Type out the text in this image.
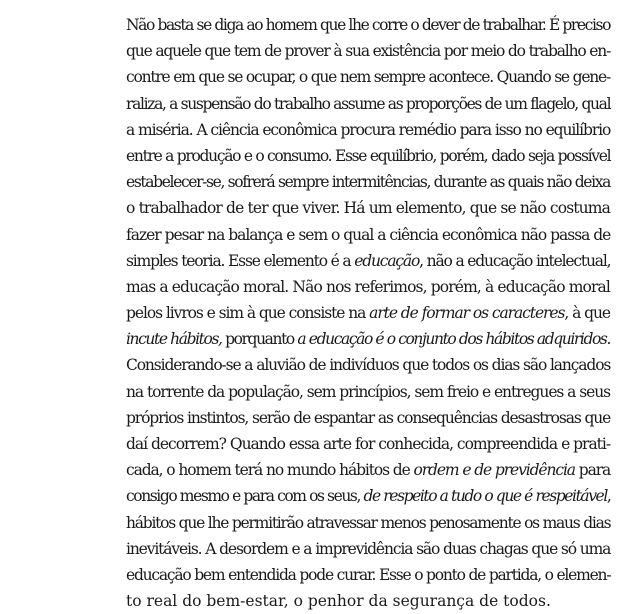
Não basta se diga ao homem que lhe corre o dever de trabalhar. É preciso
que aquele que tem de prover à sua existência por meio do trabalho en-
contre em que se ocupar, o que nem sempre acontece. Quando se gene-
raliza, a suspensão do trabalho assume as proporções de um flagelo, qual
a miséria. A ciência econômica procura remédio para isso no equilíbrio
entre a produção e o consumo. Esse equilíbrio, porém, dado seja possível
estabelecer-se, sofrerá sempre intermitências, durante as quais não deixa
o trabalhador de ter que viver. Há um elemento, que se não costuma
fazer pesar na balança e sem o qual a ciência econômica não passa de
simples teoria. Esse elemento é a educação, não a educação intelectual,
mas a educação moral. Não nos referimos, porém, à educação moral
pelos livros e sim à que consiste na arte de formar os caracteres, à que
incute hábitos, porquanto a educação é o conjunto dos hábitos adquiridos.
Considerando-se a aluvião de indivíduos que todos os dias são lançados
na torrente da população, sem princípios, sem freio e entregues a seus
próprios instintos, serão de espantar as consequências desastrosas que
daí decorrem? Quando essa arte for conhecida, compreendida e prati-
cada, o homem terá no mundo hábitos de ordem e de previdência para
consigo mesmo e para com os seus, de respeito a tudo o que é respeitável,
hábitos que lhe permitirão atravessar menos penosamente os maus dias
inevitáveis. A desordem e a imprevidência são duas chagas que só uma
educação bem entendida pode curar. Esse o ponto de partida, o elemen-
to real do bem-estar, o penhor da segurança de todos.
